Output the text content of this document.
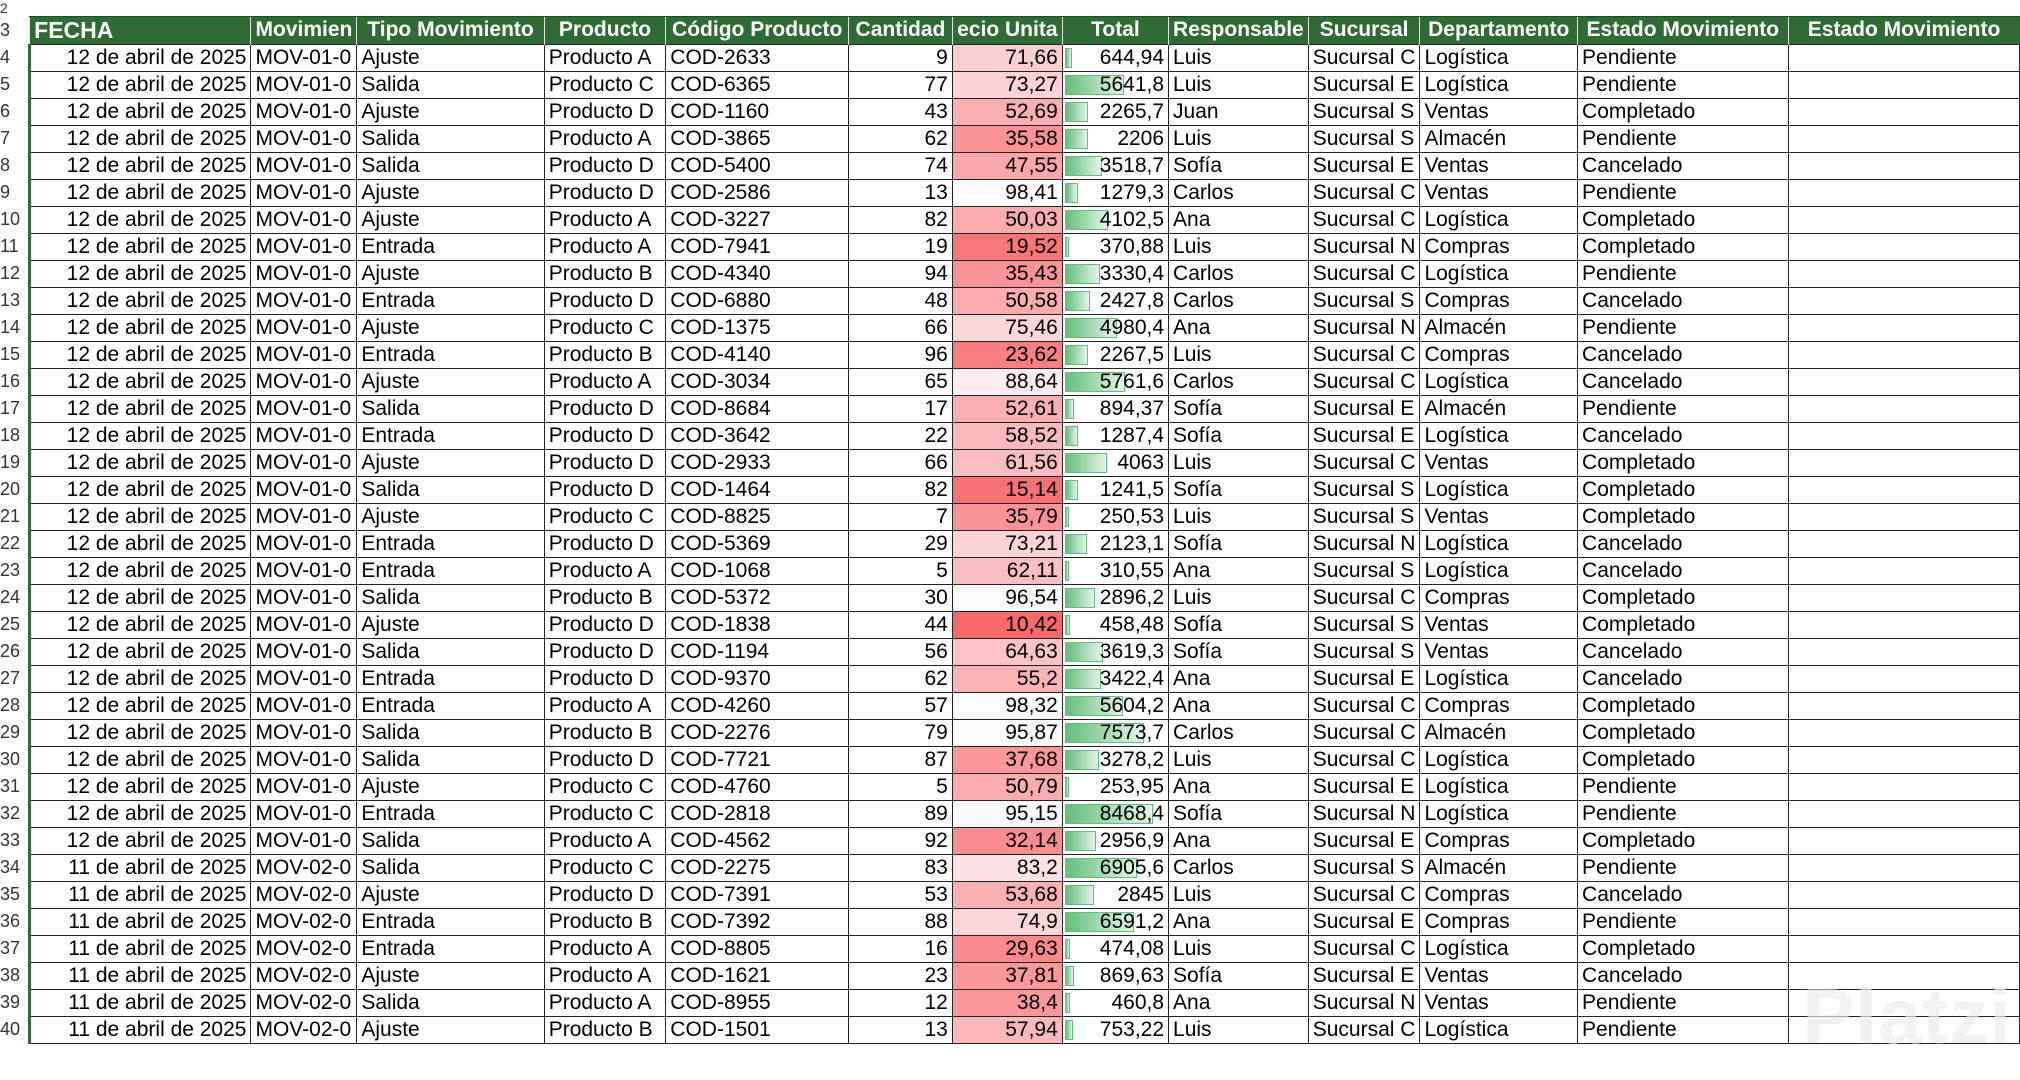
2													
3	FECHA	Movimien	Tipo Movimiento	Producto	Código Producto	Cantidad	ecio Unita	Total	Responsable	Sucursal	Departamento	Estado Movimiento	Estado Movimiento
4	12 de abril de 2025	MOV-01-0	Ajuste	Producto A	COD-2633	9	71,66	644,94	Luis	Sucursal C	Logística	Pendiente	
5	12 de abril de 2025	MOV-01-0	Salida	Producto C	COD-6365	77	73,27	5641,8	Luis	Sucursal E	Logística	Pendiente	
6	12 de abril de 2025	MOV-01-0	Ajuste	Producto D	COD-1160	43	52,69	2265,7	Juan	Sucursal S	Ventas	Completado	
7	12 de abril de 2025	MOV-01-0	Salida	Producto A	COD-3865	62	35,58	2206	Luis	Sucursal S	Almacén	Pendiente	
8	12 de abril de 2025	MOV-01-0	Salida	Producto D	COD-5400	74	47,55	3518,7	Sofía	Sucursal E	Ventas	Cancelado	
9	12 de abril de 2025	MOV-01-0	Ajuste	Producto D	COD-2586	13	98,41	1279,3	Carlos	Sucursal C	Ventas	Pendiente	
10	12 de abril de 2025	MOV-01-0	Ajuste	Producto A	COD-3227	82	50,03	4102,5	Ana	Sucursal C	Logística	Completado	
11	12 de abril de 2025	MOV-01-0	Entrada	Producto A	COD-7941	19	19,52	370,88	Luis	Sucursal N	Compras	Completado	
12	12 de abril de 2025	MOV-01-0	Ajuste	Producto B	COD-4340	94	35,43	3330,4	Carlos	Sucursal C	Logística	Pendiente	
13	12 de abril de 2025	MOV-01-0	Entrada	Producto D	COD-6880	48	50,58	2427,8	Carlos	Sucursal S	Compras	Cancelado	
14	12 de abril de 2025	MOV-01-0	Ajuste	Producto C	COD-1375	66	75,46	4980,4	Ana	Sucursal N	Almacén	Pendiente	
15	12 de abril de 2025	MOV-01-0	Entrada	Producto B	COD-4140	96	23,62	2267,5	Luis	Sucursal C	Compras	Cancelado	
16	12 de abril de 2025	MOV-01-0	Ajuste	Producto A	COD-3034	65	88,64	5761,6	Carlos	Sucursal C	Logística	Cancelado	
17	12 de abril de 2025	MOV-01-0	Salida	Producto D	COD-8684	17	52,61	894,37	Sofía	Sucursal E	Almacén	Pendiente	
18	12 de abril de 2025	MOV-01-0	Entrada	Producto D	COD-3642	22	58,52	1287,4	Sofía	Sucursal E	Logística	Cancelado	
19	12 de abril de 2025	MOV-01-0	Ajuste	Producto D	COD-2933	66	61,56	4063	Luis	Sucursal C	Ventas	Completado	
20	12 de abril de 2025	MOV-01-0	Salida	Producto D	COD-1464	82	15,14	1241,5	Sofía	Sucursal S	Logística	Completado	
21	12 de abril de 2025	MOV-01-0	Ajuste	Producto C	COD-8825	7	35,79	250,53	Luis	Sucursal S	Ventas	Completado	
22	12 de abril de 2025	MOV-01-0	Entrada	Producto D	COD-5369	29	73,21	2123,1	Sofía	Sucursal N	Logística	Cancelado	
23	12 de abril de 2025	MOV-01-0	Entrada	Producto A	COD-1068	5	62,11	310,55	Ana	Sucursal S	Logística	Cancelado	
24	12 de abril de 2025	MOV-01-0	Salida	Producto B	COD-5372	30	96,54	2896,2	Luis	Sucursal C	Compras	Completado	
25	12 de abril de 2025	MOV-01-0	Ajuste	Producto D	COD-1838	44	10,42	458,48	Sofía	Sucursal S	Ventas	Completado	
26	12 de abril de 2025	MOV-01-0	Salida	Producto D	COD-1194	56	64,63	3619,3	Sofía	Sucursal S	Ventas	Cancelado	
27	12 de abril de 2025	MOV-01-0	Entrada	Producto D	COD-9370	62	55,2	3422,4	Ana	Sucursal E	Logística	Cancelado	
28	12 de abril de 2025	MOV-01-0	Entrada	Producto A	COD-4260	57	98,32	5604,2	Ana	Sucursal C	Compras	Completado	
29	12 de abril de 2025	MOV-01-0	Salida	Producto B	COD-2276	79	95,87	7573,7	Carlos	Sucursal C	Almacén	Completado	
30	12 de abril de 2025	MOV-01-0	Salida	Producto D	COD-7721	87	37,68	3278,2	Luis	Sucursal C	Logística	Completado	
31	12 de abril de 2025	MOV-01-0	Ajuste	Producto C	COD-4760	5	50,79	253,95	Ana	Sucursal E	Logística	Pendiente	
32	12 de abril de 2025	MOV-01-0	Entrada	Producto C	COD-2818	89	95,15	8468,4	Sofía	Sucursal N	Logística	Pendiente	
33	12 de abril de 2025	MOV-01-0	Salida	Producto A	COD-4562	92	32,14	2956,9	Ana	Sucursal E	Compras	Completado	
34	11 de abril de 2025	MOV-02-0	Salida	Producto C	COD-2275	83	83,2	6905,6	Carlos	Sucursal S	Almacén	Pendiente	
35	11 de abril de 2025	MOV-02-0	Ajuste	Producto D	COD-7391	53	53,68	2845	Luis	Sucursal C	Compras	Cancelado	
36	11 de abril de 2025	MOV-02-0	Entrada	Producto B	COD-7392	88	74,9	6591,2	Ana	Sucursal E	Compras	Pendiente	
37	11 de abril de 2025	MOV-02-0	Entrada	Producto A	COD-8805	16	29,63	474,08	Luis	Sucursal C	Logística	Completado	
38	11 de abril de 2025	MOV-02-0	Ajuste	Producto A	COD-1621	23	37,81	869,63	Sofía	Sucursal E	Ventas	Cancelado	
39	11 de abril de 2025	MOV-02-0	Salida	Producto A	COD-8955	12	38,4	460,8	Ana	Sucursal N	Ventas	Pendiente	
40	11 de abril de 2025	MOV-02-0	Ajuste	Producto B	COD-1501	13	57,94	753,22	Luis	Sucursal C	Logística	Pendiente	Platzi
